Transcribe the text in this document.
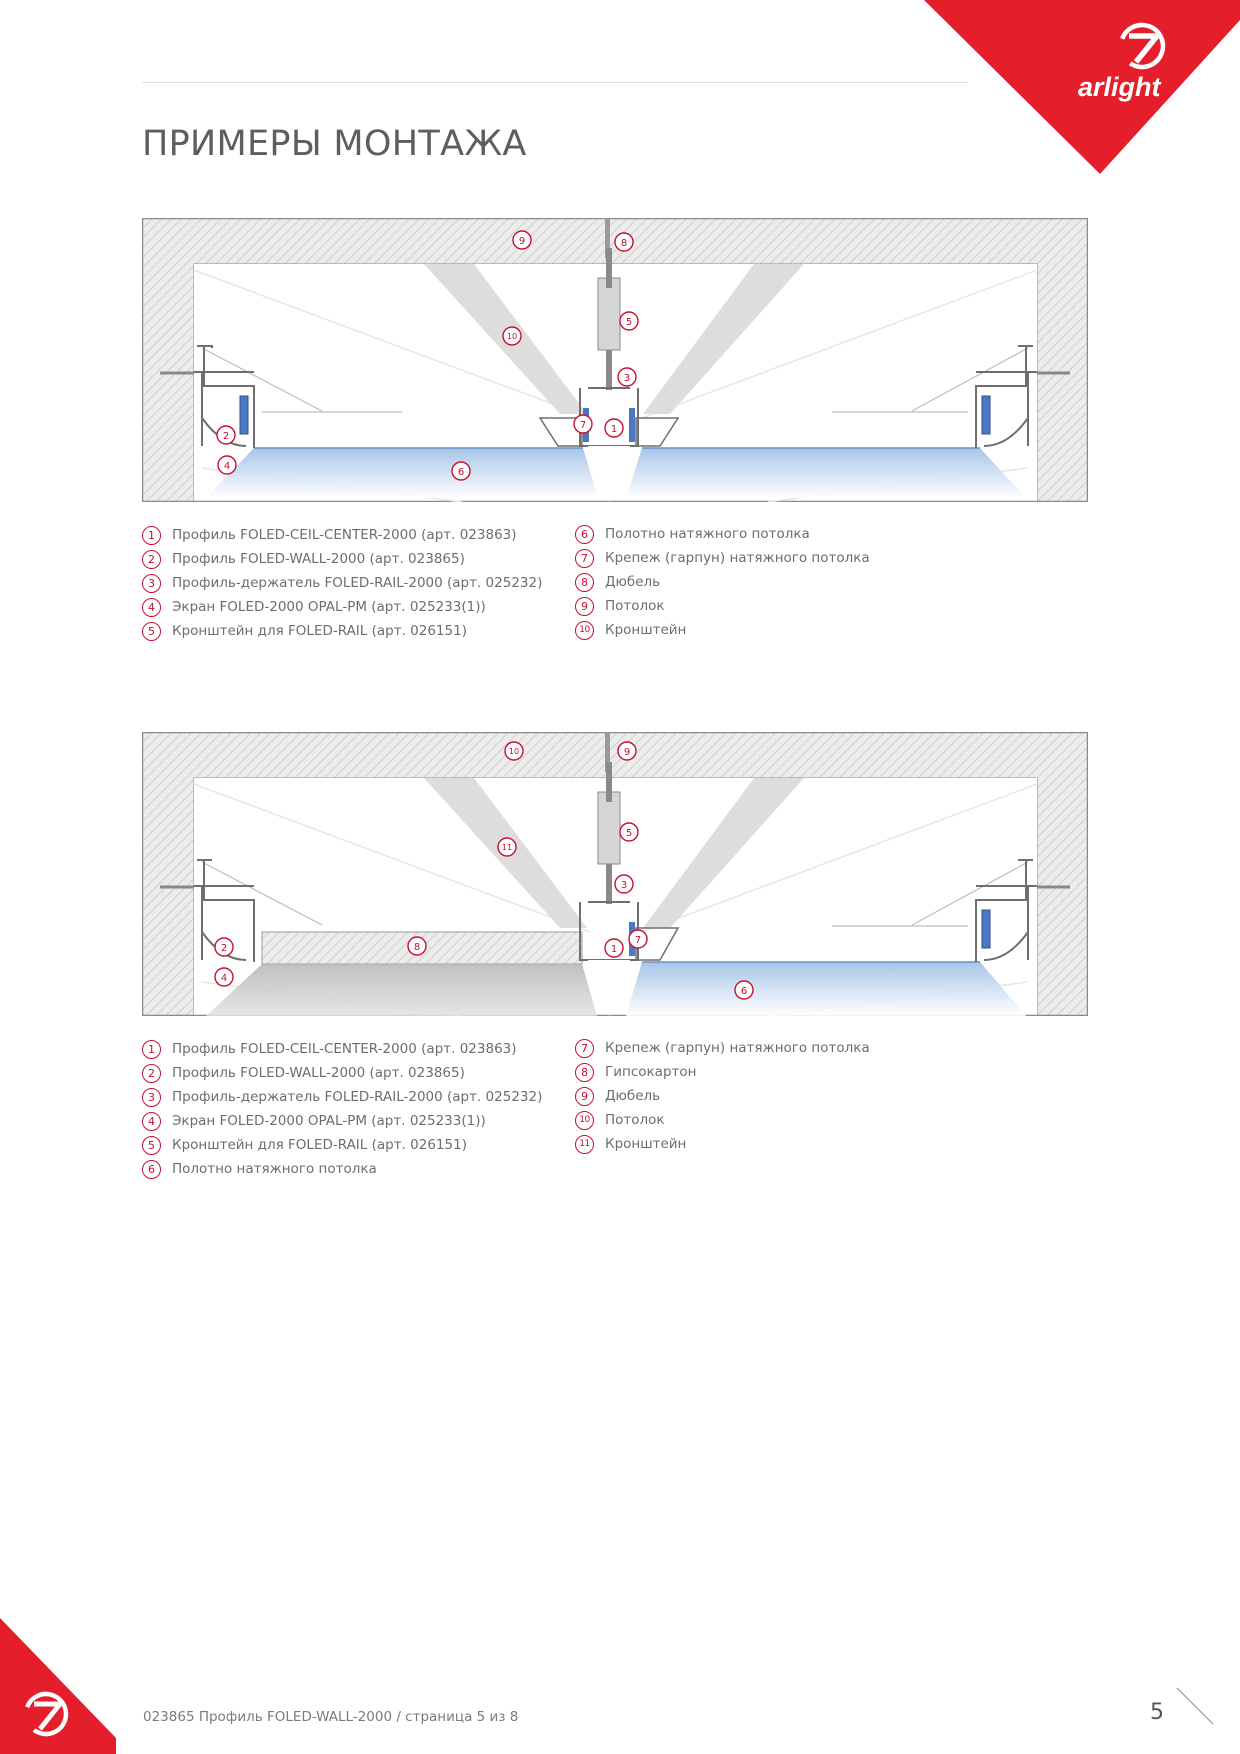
arlight
ПРИМЕРЫ МОНТАЖА
9	8
10
5
3
7 1
2
4
6
1	Профиль FOLED-CEIL-CENTER-2000 (арт. 023863)
2	Профиль FOLED-WALL-2000 (арт. 023865)
3	Профиль-держатель FOLED-RAIL-2000 (арт. 025232)
4	Экран FOLED-2000 OPAL-PM (арт. 025233(1))
5	Кронштейн для FOLED-RAIL (арт. 026151)
6	Полотно натяжного потолка
7	Крепеж (гарпун) натяжного потолка
8	Дюбель
9	Потолок
10	Кронштейн
10	9
5
11
3
8
2	1
7
4
6
1	Профиль FOLED-CEIL-CENTER-2000 (арт. 023863)
2	Профиль FOLED-WALL-2000 (арт. 023865)
3	Профиль-держатель FOLED-RAIL-2000 (арт. 025232)
4	Экран FOLED-2000 OPAL-PM (арт. 025233(1))
5	Кронштейн для FOLED-RAIL (арт. 026151)
6	Полотно натяжного потолка
7	Крепеж (гарпун) натяжного потолка
8	Гипсокартон
9	Дюбель
10	Потолок
11	Кронштейн
023865 Профиль FOLED-WALL-2000 / страница 5 из 8	5
